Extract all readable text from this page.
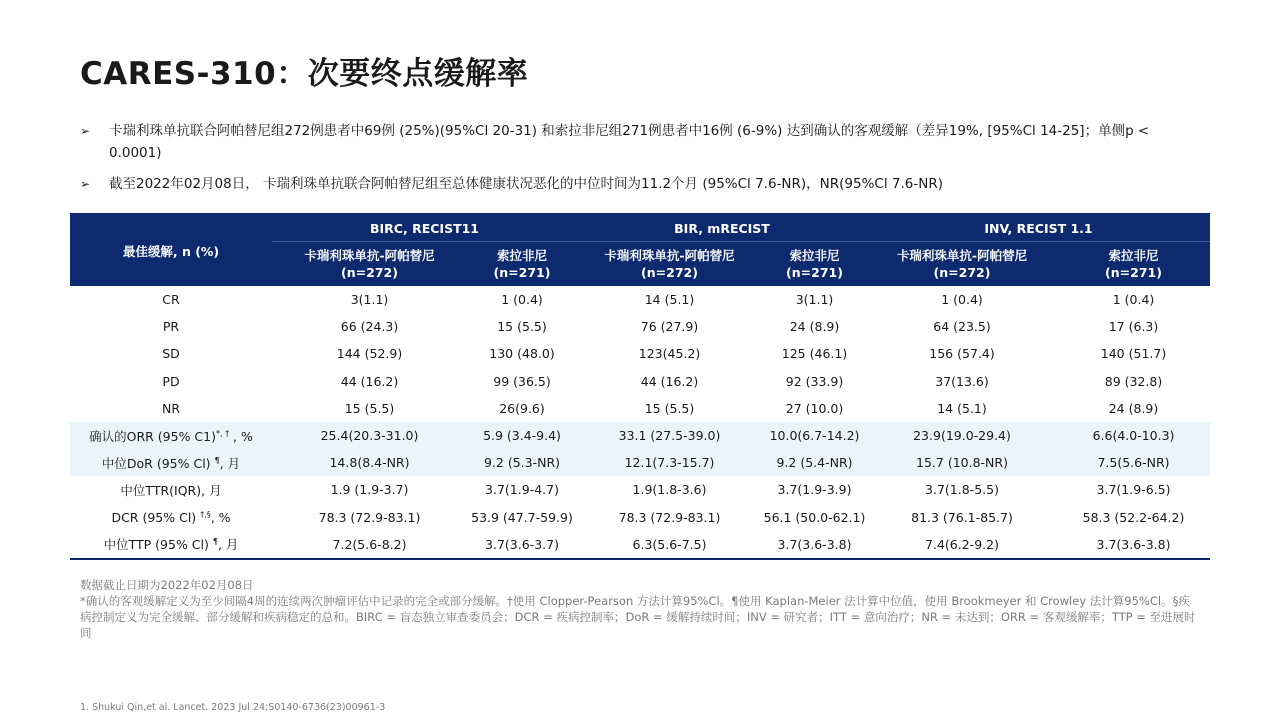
CARES-310：次要终点缓解率
➢ 卡瑞利珠单抗联合阿帕替尼组272例患者中69例 (25%)(95%Cl 20-31) 和索拉非尼组271例患者中16例 (6-9%) 达到确认的客观缓解（差异19%, [95%Cl 14-25]；单侧p < 0.0001)
➢ 截至2022年02月08日， 卡瑞利珠单抗联合阿帕替尼组至总体健康状况恶化的中位时间为11.2个月 (95%Cl 7.6-NR)，NR(95%Cl 7.6-NR)
最佳缓解, n (%)	BIRC, RECIST11		BIR, mRECIST		INV, RECIST 1.1	
	卡瑞利珠单抗-阿帕替尼
(n=272)	索拉非尼
(n=271)	卡瑞利珠单抗-阿帕替尼
(n=272)	索拉非尼
(n=271)	卡瑞利珠单抗-阿帕替尼
(n=272)	索拉非尼
(n=271)
CR	3(1.1)	1 (0.4)	14 (5.1)	3(1.1)	1 (0.4)	1 (0.4)
PR	66 (24.3)	15 (5.5)	76 (27.9)	24 (8.9)	64 (23.5)	17 (6.3)
SD	144 (52.9)	130 (48.0)	123(45.2)	125 (46.1)	156 (57.4)	140 (51.7)
PD	44 (16.2)	99 (36.5)	44 (16.2)	92 (33.9)	37(13.6)	89 (32.8)
NR	15 (5.5)	26(9.6)	15 (5.5)	27 (10.0)	14 (5.1)	24 (8.9)
确认的ORR (95% C1)*, † , %	25.4(20.3-31.0)	5.9 (3.4-9.4)	33.1 (27.5-39.0)	10.0(6.7-14.2)	23.9(19.0-29.4)	6.6(4.0-10.3)
中位DoR (95% Cl) ¶, 月	14.8(8.4-NR)	9.2 (5.3-NR)	12.1(7.3-15.7)	9.2 (5.4-NR)	15.7 (10.8-NR)	7.5(5.6-NR)
中位TTR(IQR), 月	1.9 (1.9-3.7)	3.7(1.9-4.7)	1.9(1.8-3.6)	3.7(1.9-3.9)	3.7(1.8-5.5)	3.7(1.9-6.5)
DCR (95% Cl) †,§, %	78.3 (72.9-83.1)	53.9 (47.7-59.9)	78.3 (72.9-83.1)	56.1 (50.0-62.1)	81.3 (76.1-85.7)	58.3 (52.2-64.2)
中位TTP (95% Cl) ¶, 月	7.2(5.6-8.2)	3.7(3.6-3.7)	6.3(5.6-7.5)	3.7(3.6-3.8)	7.4(6.2-9.2)	3.7(3.6-3.8)
数据截止日期为2022年02月08日
*确认的客观缓解定义为至少间隔4周的连续两次肿瘤评估中记录的完全或部分缓解。†使用 Clopper-Pearson 方法计算95%Cl。¶使用 Kaplan-Meier 法计算中位值，使用 Brookmeyer 和 Crowley 法计算95%Cl。§疾病控制定义为完全缓解、部分缓解和疾病稳定的总和。BIRC = 盲态独立审查委员会；DCR = 疾病控制率；DoR = 缓解持续时间；INV = 研究者；ITT = 意向治疗；NR = 未达到；ORR = 客观缓解率；TTP = 至进展时间
1. Shukui Qin,et al. Lancet. 2023 Jul 24;S0140-6736(23)00961-3
